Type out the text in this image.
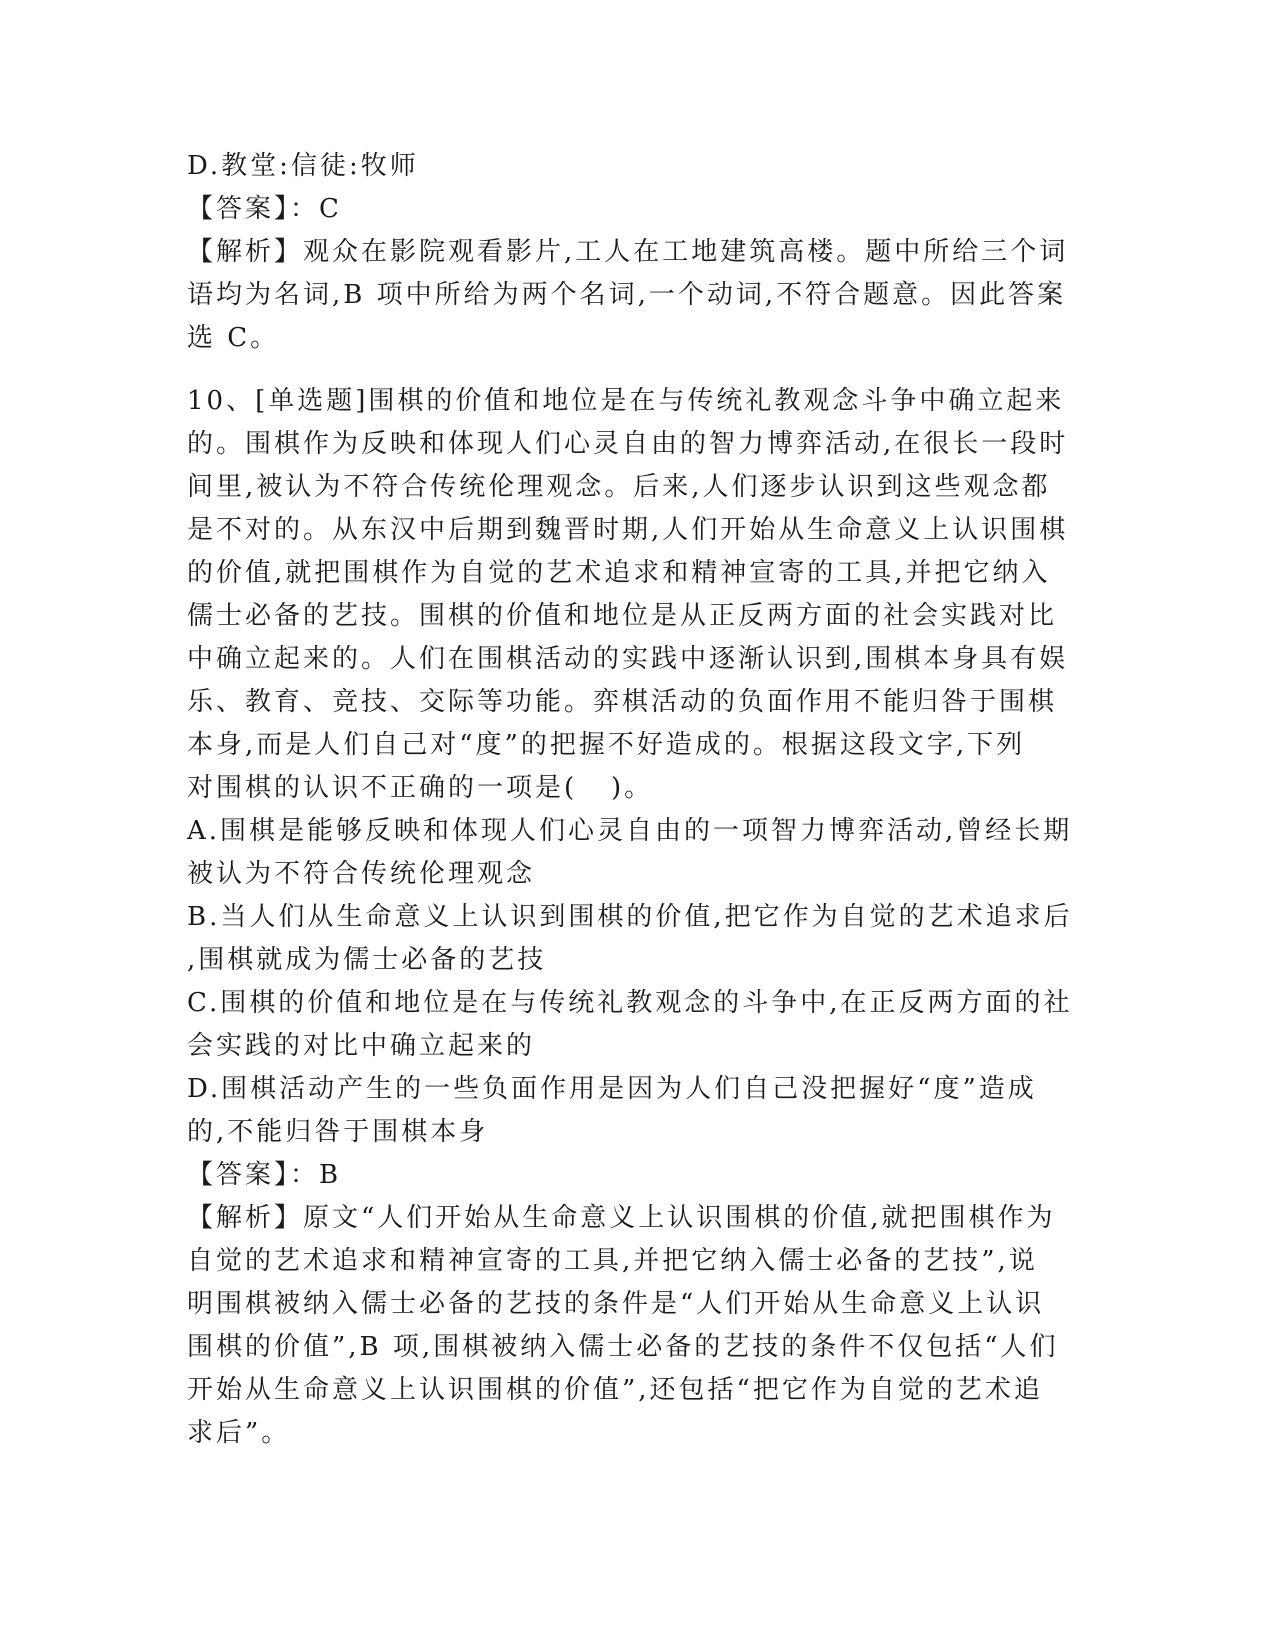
D.教堂:信徒:牧师
【答案】：C
【解析】观众在影院观看影片,工人在工地建筑高楼。题中所给三个词
语均为名词,B 项中所给为两个名词,一个动词,不符合题意。因此答案
选 C。
10、[单选题]围棋的价值和地位是在与传统礼教观念斗争中确立起来
的。围棋作为反映和体现人们心灵自由的智力博弈活动,在很长一段时
间里,被认为不符合传统伦理观念。后来,人们逐步认识到这些观念都
是不对的。从东汉中后期到魏晋时期,人们开始从生命意义上认识围棋
的价值,就把围棋作为自觉的艺术追求和精神宣寄的工具,并把它纳入
儒士必备的艺技。围棋的价值和地位是从正反两方面的社会实践对比
中确立起来的。人们在围棋活动的实践中逐渐认识到,围棋本身具有娱
乐、教育、竞技、交际等功能。弈棋活动的负面作用不能归咎于围棋
本身,而是人们自己对“度”的把握不好造成的。根据这段文字,下列
对围棋的认识不正确的一项是(   )。
A.围棋是能够反映和体现人们心灵自由的一项智力博弈活动,曾经长期
被认为不符合传统伦理观念
B.当人们从生命意义上认识到围棋的价值,把它作为自觉的艺术追求后
,围棋就成为儒士必备的艺技
C.围棋的价值和地位是在与传统礼教观念的斗争中,在正反两方面的社
会实践的对比中确立起来的
D.围棋活动产生的一些负面作用是因为人们自己没把握好“度”造成
的,不能归咎于围棋本身
【答案】：B
【解析】原文“人们开始从生命意义上认识围棋的价值,就把围棋作为
自觉的艺术追求和精神宣寄的工具,并把它纳入儒士必备的艺技”,说
明围棋被纳入儒士必备的艺技的条件是“人们开始从生命意义上认识
围棋的价值”,B 项,围棋被纳入儒士必备的艺技的条件不仅包括“人们
开始从生命意义上认识围棋的价值”,还包括“把它作为自觉的艺术追
求后”。
